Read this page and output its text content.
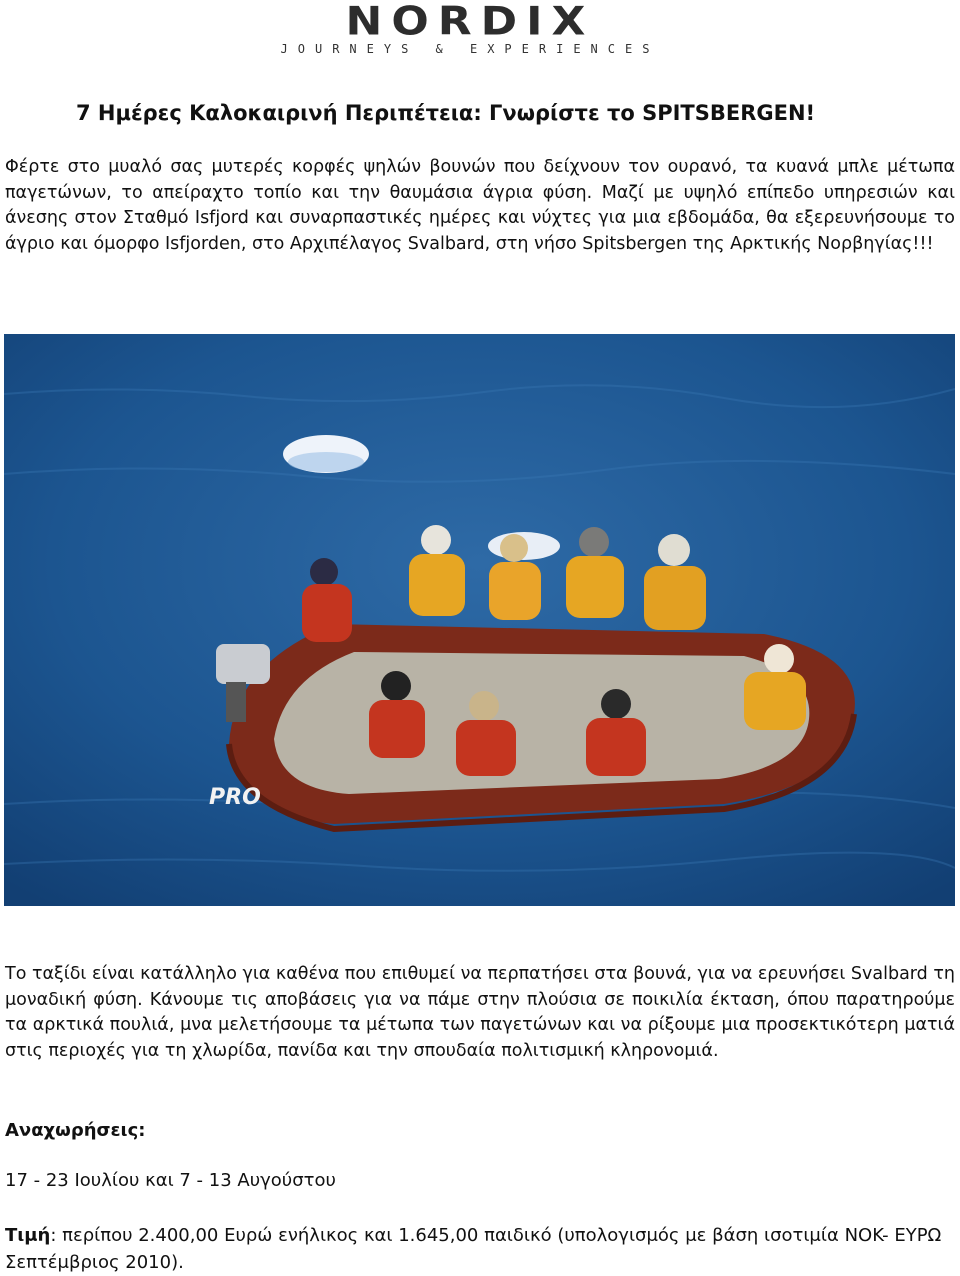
NORDIX
JOURNEYS & EXPERIENCES
7 Ημέρες Καλοκαιρινή Περιπέτεια: Γνωρίστε το SPITSBERGEN!

Φέρτε στο μυαλό σας μυτερές κορφές ψηλών βουνών που δείχνουν τον ουρανό, τα κυανά μπλε μέτωπα παγετώνων, το απείραχτο τοπίο και την θαυμάσια άγρια φύση. Μαζί με υψηλό επίπεδο υπηρεσιών και άνεσης στον Σταθμό Isfjord και συναρπαστικές ημέρες και νύχτες για μια εβδομάδα, θα εξερευνήσουμε το άγριο και όμορφο Isfjorden, στο Αρχιπέλαγος Svalbard, στη νήσο Spitsbergen της Αρκτικής Νορβηγίας!!!

PRO

Το ταξίδι είναι κατάλληλο για καθένα που επιθυμεί να περπατήσει στα βουνά, για να ερευνήσει Svalbard τη μοναδική φύση. Κάνουμε τις αποβάσεις για να πάμε στην πλούσια σε ποικιλία έκταση, όπου παρατηρούμε τα αρκτικά πουλιά, μνα μελετήσουμε τα μέτωπα των παγετώνων και να ρίξουμε μια προσεκτικότερη ματιά στις περιοχές για τη χλωρίδα, πανίδα και την σπουδαία πολιτισμική κληρονομιά.

Αναχωρήσεις:
17 - 23 Ιουλίου και 7 - 13 Αυγούστου
Τιμή: περίπου 2.400,00 Ευρώ ενήλικος και 1.645,00 παιδικό (υπολογισμός με βάση ισοτιμία NOK- ΕΥΡΩ Σεπτέμβριος 2010).
